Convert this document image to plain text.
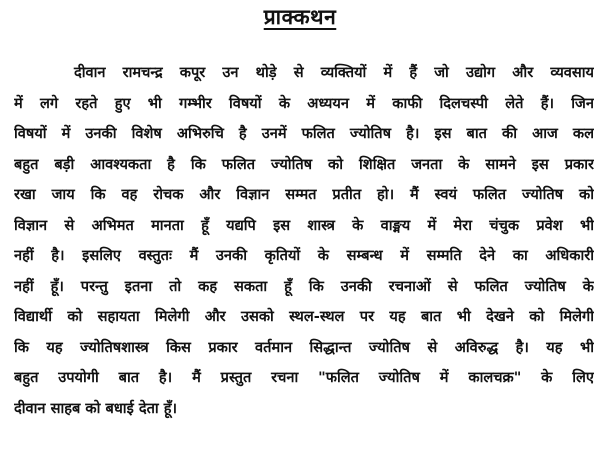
प्राक्कथन
दीवान रामचन्द्र कपूर उन थोड़े से व्यक्तियों में हैं जो उद्योग और व्यवसाय
में लगे रहते हुए भी गम्भीर विषयों के अध्ययन में काफी दिलचस्पी लेते हैं। जिन
विषयों में उनकी विशेष अभिरुचि है उनमें फलित ज्योतिष है। इस बात की आज कल
बहुत बड़ी आवश्यकता है कि फलित ज्योतिष को शिक्षित जनता के सामने इस प्रकार
रखा जाय कि वह रोचक और विज्ञान सम्मत प्रतीत हो। मैं स्वयं फलित ज्योतिष को
विज्ञान से अभिमत मानता हूँ यद्यपि इस शास्त्र के वाङ्मय में मेरा चंचुक प्रवेश भी
नहीं है। इसलिए वस्तुतः मैं उनकी कृतियों के सम्बन्ध में सम्मति देने का अधिकारी
नहीं हूँ। परन्तु इतना तो कह सकता हूँ कि उनकी रचनाओं से फलित ज्योतिष के
विद्यार्थी को सहायता मिलेगी और उसको स्थल-स्थल पर यह बात भी देखने को मिलेगी
कि यह ज्योतिषशास्त्र किस प्रकार वर्तमान सिद्धान्त ज्योतिष से अविरुद्ध है। यह भी
बहुत उपयोगी बात है। मैं प्रस्तुत रचना "फलित ज्योतिष में कालचक्र" के लिए
दीवान साहब को बधाई देता हूँ।
